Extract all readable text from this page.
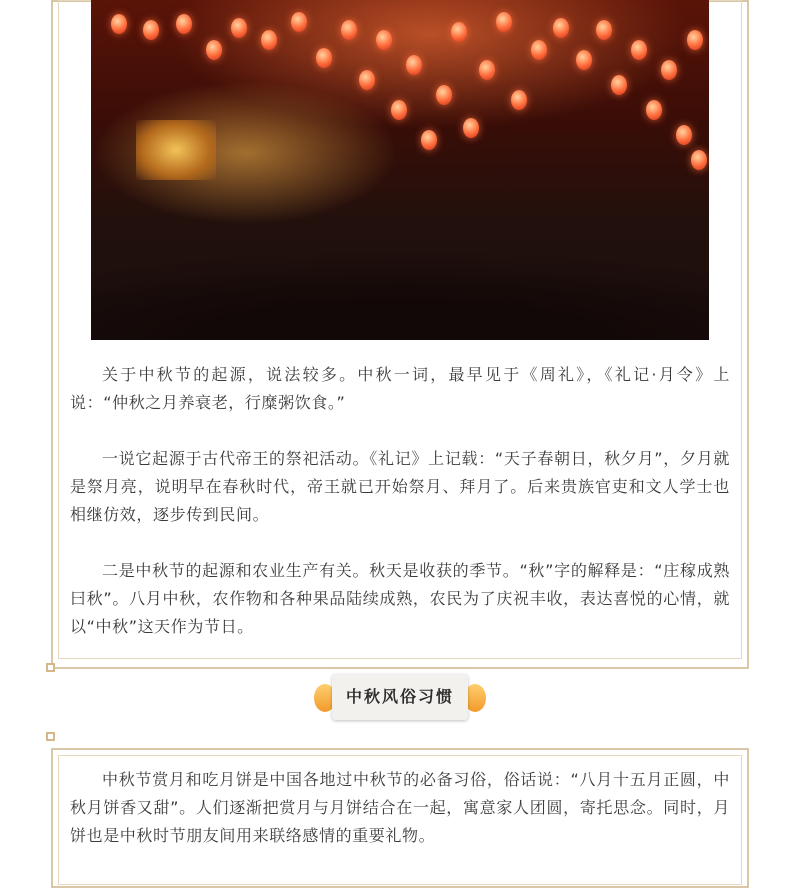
关于中秋节的起源，说法较多。中秋一词，最早见于《周礼》，《礼记·月令》上说：“仲秋之月养衰老，行糜粥饮食。”

一说它起源于古代帝王的祭祀活动。《礼记》上记载：“天子春朝日，秋夕月”，夕月就是祭月亮，说明早在春秋时代，帝王就已开始祭月、拜月了。后来贵族官吏和文人学士也相继仿效，逐步传到民间。

二是中秋节的起源和农业生产有关。秋天是收获的季节。“秋”字的解释是：“庄稼成熟曰秋”。八月中秋，农作物和各种果品陆续成熟，农民为了庆祝丰收，表达喜悦的心情，就以“中秋”这天作为节日。

中秋风俗习惯

中秋节赏月和吃月饼是中国各地过中秋节的必备习俗，俗话说：“八月十五月正圆，中秋月饼香又甜”。人们逐渐把赏月与月饼结合在一起，寓意家人团圆，寄托思念。同时，月饼也是中秋时节朋友间用来联络感情的重要礼物。
